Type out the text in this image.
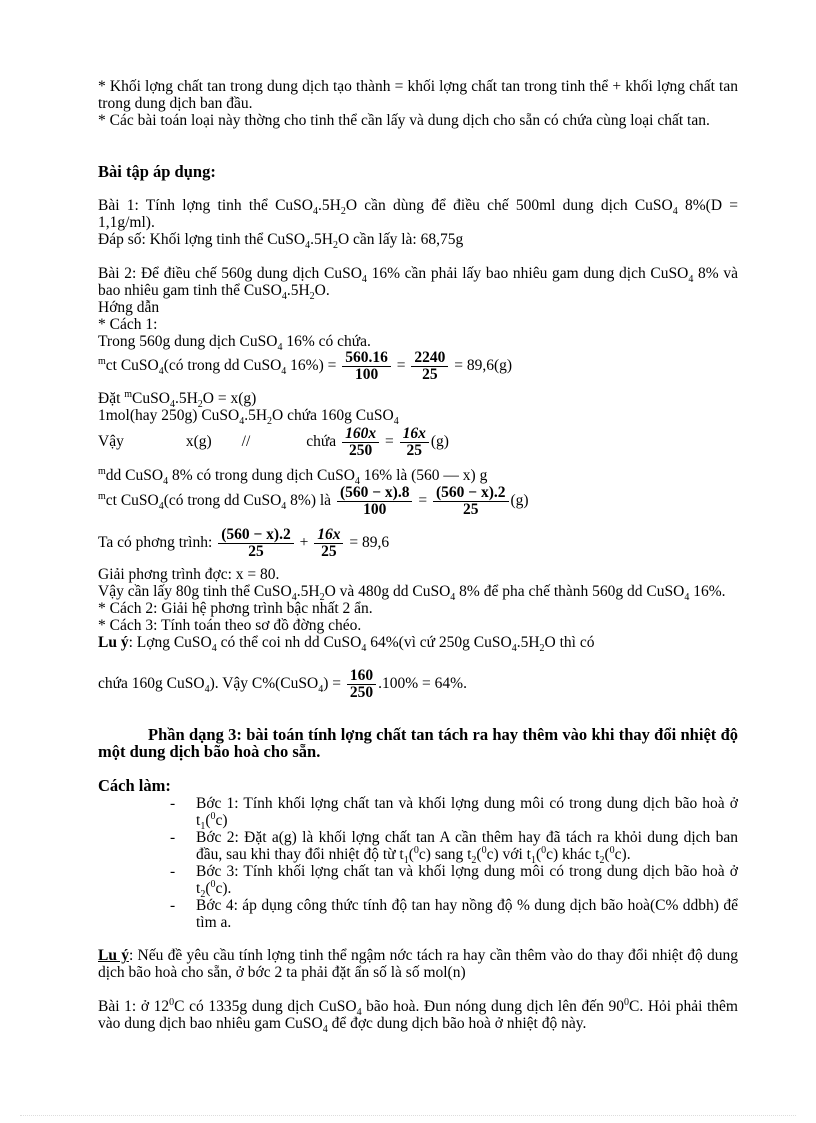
* Khối lợng chất tan trong dung dịch tạo thành = khối lợng chất tan trong tinh thể + khối lợng chất tan trong dung dịch ban đầu.

* Các bài toán loại này thờng cho tinh thể cần lấy và dung dịch cho sẵn có chứa cùng loại chất tan.

Bài tập áp dụng:

Bài 1: Tính lợng tinh thể $CuSO_4.5H_2O$ cần dùng để điều chế 500ml dung dịch CuSO$_4$ 8%(D = 1,1g/ml).

Đáp số: Khối lợng tinh thể $CuSO_4.5H_2O$ cần lấy là: 68,75g

Bài 2: Để điều chế 560g dung dịch CuSO$_4$ 16% cần phải lấy bao nhiêu gam dung dịch CuSO$_4$ 8% và bao nhiêu gam tinh thể $CuSO_4.5H_2O$.

Hớng dẫn

* Cách 1:

Trong 560g dung dịch CuSO$_4$ 16% có chứa.

$^m$ct CuSO$_4$(có trong dd CuSO$_4$ $16\%) = \frac{560.16}{100} = \frac{2240}{25} = 89,6(g)$

Đặt $^mCuSO_4.5H_2O = x(g)$

1mol(hay 250g) $CuSO_4.5H_2O$ chứa 160g CuSO$_4$

Vậy	x(g) //	chứa $\frac{160x}{250} = \frac{16x}{25} (g)$

$^m$dd CuSO$_4$ 8% có trong dung dịch CuSO$_4$ 16% là (560 — x) g

$^m$ct CuSO$_4$(có trong dd CuSO$_4$ 8%) là $\frac{(560 - x).8}{100} = \frac{(560 - x).2}{25} (g)$

Ta có phơng trình: $\frac{(560 - x).2}{25} + \frac{16x}{25} = 89,6$

Giải phơng trình đợc: x = 80.

Vậy cần lấy 80g tinh thể $CuSO_4.5H_2O$ và 480g dd CuSO$_4$ 8% để pha chế thành 560g dd CuSO$_4$ 16%.

* Cách 2: Giải hệ phơng trình bậc nhất 2 ẩn.

* Cách 3: Tính toán theo sơ đồ đờng chéo.

Lu ý: Lợng CuSO$_4$ có thể coi nh dd CuSO$_4$ 64%(vì cứ 250g $CuSO_4.5H_2O$ thì có

chứa 160g CuSO$_4$). Vậy C%(CuSO$_4$) = $\frac{160}{250} .100\% = 64\%$.

Phần dạng 3: bài toán tính lợng chất tan tách ra hay thêm vào khi thay đổi nhiệt độ một dung dịch bão hoà cho sẵn.

Cách làm:

- Bớc 1: Tính khối lợng chất tan và khối lợng dung môi có trong dung dịch bão hoà ở $t_1(^0c)$
- Bớc 2: Đặt a(g) là khối lợng chất tan A cần thêm hay đã tách ra khỏi dung dịch ban đầu, sau khi thay đổi nhiệt độ từ $t_1(^0c)$ sang $t_2(^0c)$ với $t_1(^0c)$ khác $t_2(^0c)$.
- Bớc 3: Tính khối lợng chất tan và khối lợng dung môi có trong dung dịch bão hoà ở $t_2(^0c)$.
- Bớc 4: áp dụng công thức tính độ tan hay nồng độ % dung dịch bão hoà(C% ddbh) để tìm a.

Lu ý: Nếu đề yêu cầu tính lợng tinh thể ngậm nớc tách ra hay cần thêm vào do thay đổi nhiệt độ dung dịch bão hoà cho sẵn, ở bớc 2 ta phải đặt ẩn số là số mol(n)

Bài 1: ở $12^0C$ có 1335g dung dịch CuSO$_4$ bão hoà. Đun nóng dung dịch lên đến $90^0C$. Hỏi phải thêm vào dung dịch bao nhiêu gam CuSO$_4$ để đợc dung dịch bão hoà ở nhiệt độ này.
